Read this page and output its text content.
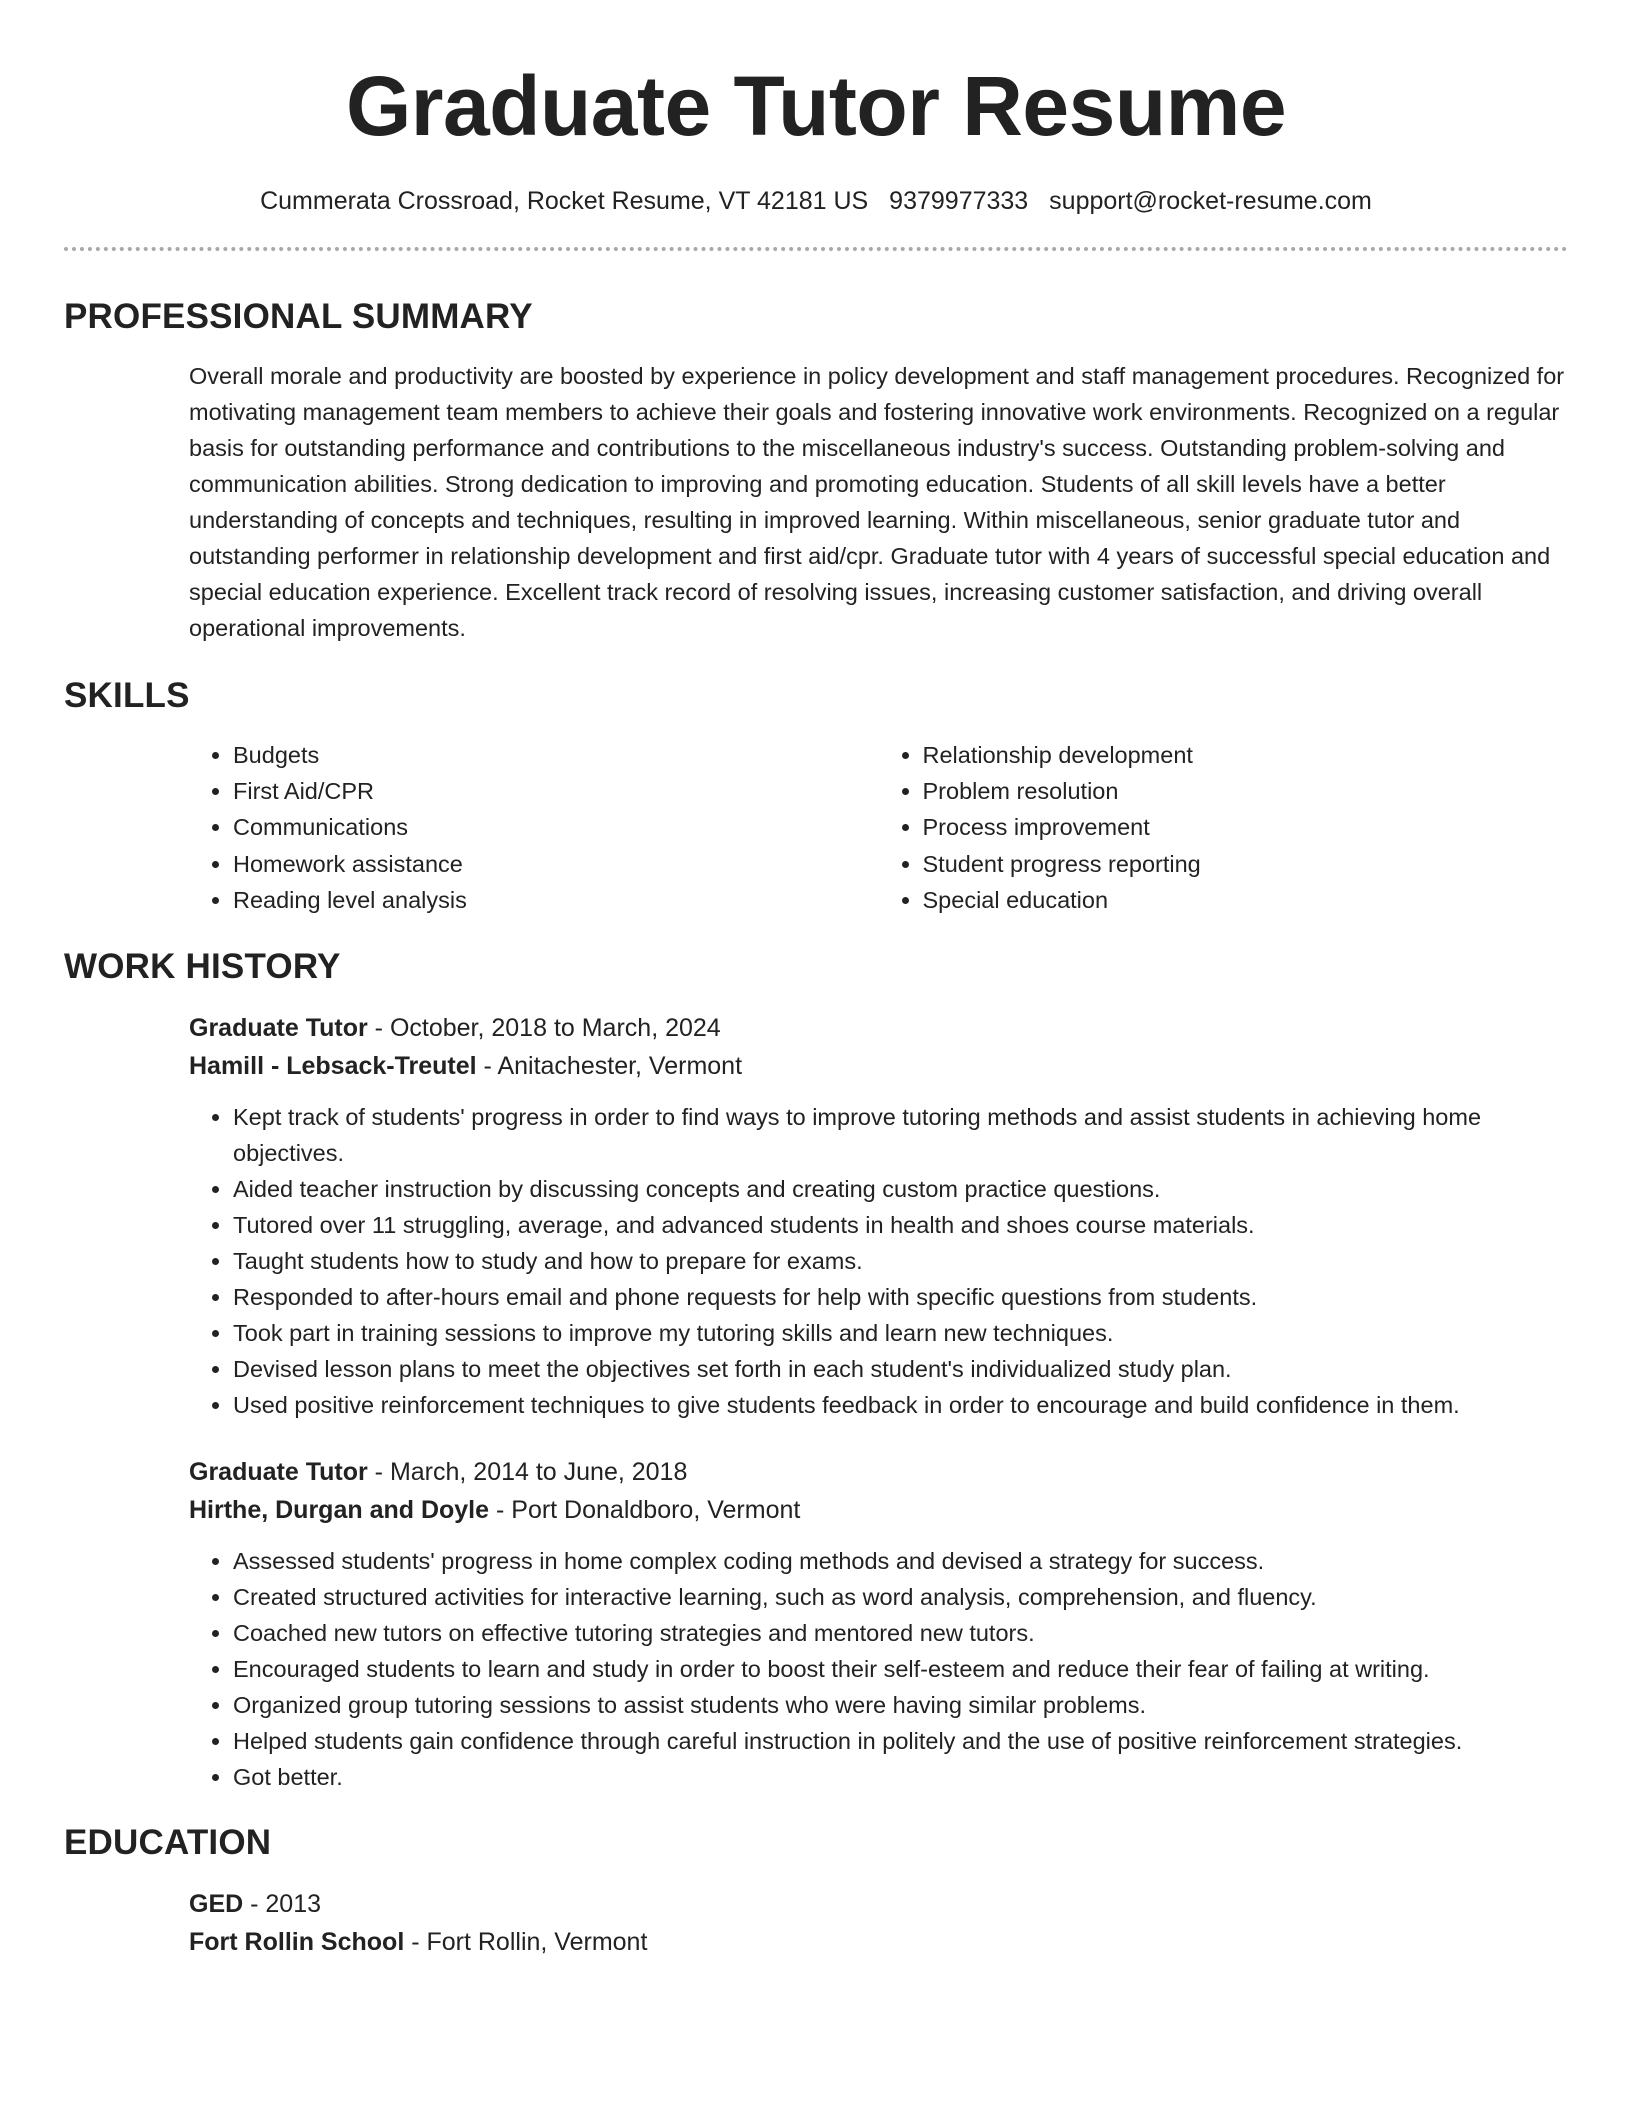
Graduate Tutor Resume
Cummerata Crossroad, Rocket Resume, VT 42181 US 9379977333 support@rocket-resume.com
PROFESSIONAL SUMMARY

Overall morale and productivity are boosted by experience in policy development and staff management procedures. Recognized for motivating management team members to achieve their goals and fostering innovative work environments. Recognized on a regular basis for outstanding performance and contributions to the miscellaneous industry's success. Outstanding problem-solving and communication abilities. Strong dedication to improving and promoting education. Students of all skill levels have a better understanding of concepts and techniques, resulting in improved learning. Within miscellaneous, senior graduate tutor and outstanding performer in relationship development and first aid/cpr. Graduate tutor with 4 years of successful special education and special education experience. Excellent track record of resolving issues, increasing customer satisfaction, and driving overall operational improvements.

SKILLS
• Budgets
• First Aid/CPR
• Communications
• Homework assistance
• Reading level analysis
• Relationship development
• Problem resolution
• Process improvement
• Student progress reporting
• Special education
WORK HISTORY
Graduate Tutor - October, 2018 to March, 2024
Hamill - Lebsack-Treutel - Anitachester, Vermont
• Kept track of students' progress in order to find ways to improve tutoring methods and assist students in achieving home objectives.
• Aided teacher instruction by discussing concepts and creating custom practice questions.
• Tutored over 11 struggling, average, and advanced students in health and shoes course materials.
• Taught students how to study and how to prepare for exams.
• Responded to after-hours email and phone requests for help with specific questions from students.
• Took part in training sessions to improve my tutoring skills and learn new techniques.
• Devised lesson plans to meet the objectives set forth in each student's individualized study plan.
• Used positive reinforcement techniques to give students feedback in order to encourage and build confidence in them.
Graduate Tutor - March, 2014 to June, 2018
Hirthe, Durgan and Doyle - Port Donaldboro, Vermont
• Assessed students' progress in home complex coding methods and devised a strategy for success.
• Created structured activities for interactive learning, such as word analysis, comprehension, and fluency.
• Coached new tutors on effective tutoring strategies and mentored new tutors.
• Encouraged students to learn and study in order to boost their self-esteem and reduce their fear of failing at writing.
• Organized group tutoring sessions to assist students who were having similar problems.
• Helped students gain confidence through careful instruction in politely and the use of positive reinforcement strategies.
• Got better.
EDUCATION
GED - 2013
Fort Rollin School - Fort Rollin, Vermont
